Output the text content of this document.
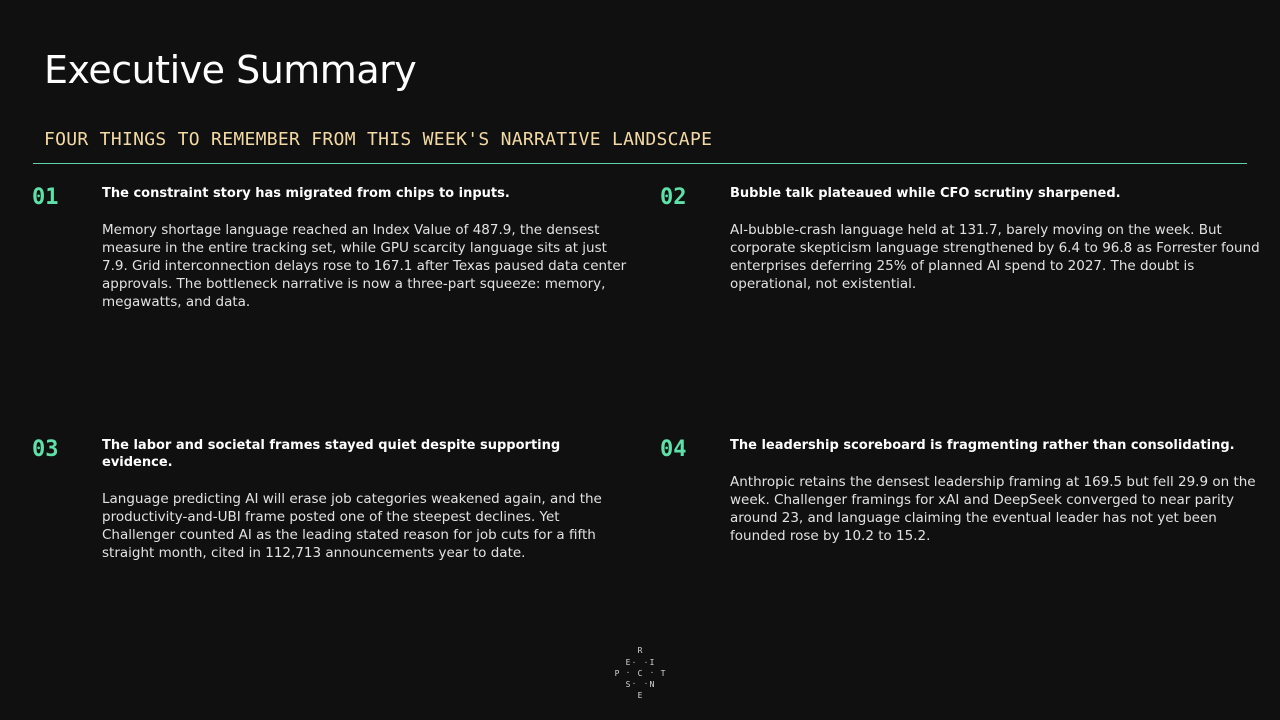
Executive Summary
FOUR THINGS TO REMEMBER FROM THIS WEEK'S NARRATIVE LANDSCAPE
01	The constraint story has migrated from chips to inputs.
Memory shortage language reached an Index Value of 487.9, the densest measure in the entire tracking set, while GPU scarcity language sits at just 7.9. Grid interconnection delays rose to 167.1 after Texas paused data center approvals. The bottleneck narrative is now a three-part squeeze: memory, megawatts, and data.
02	Bubble talk plateaued while CFO scrutiny sharpened.
AI-bubble-crash language held at 131.7, barely moving on the week. But corporate skepticism language strengthened by 6.4 to 96.8 as Forrester found enterprises deferring 25% of planned AI spend to 2027. The doubt is operational, not existential.
03	The labor and societal frames stayed quiet despite supporting evidence.
Language predicting AI will erase job categories weakened again, and the productivity-and-UBI frame posted one of the steepest declines. Yet Challenger counted AI as the leading stated reason for job cuts for a fifth straight month, cited in 112,713 announcements year to date.
04	The leadership scoreboard is fragmenting rather than consolidating.
Anthropic retains the densest leadership framing at 169.5 but fell 29.9 on the week. Challenger framings for xAI and DeepSeek converged to near parity around 23, and language claiming the eventual leader has not yet been founded rose by 10.2 to 15.2.
R
E	I
P	C	T
S	N
E
·	·
·	·
·	·
